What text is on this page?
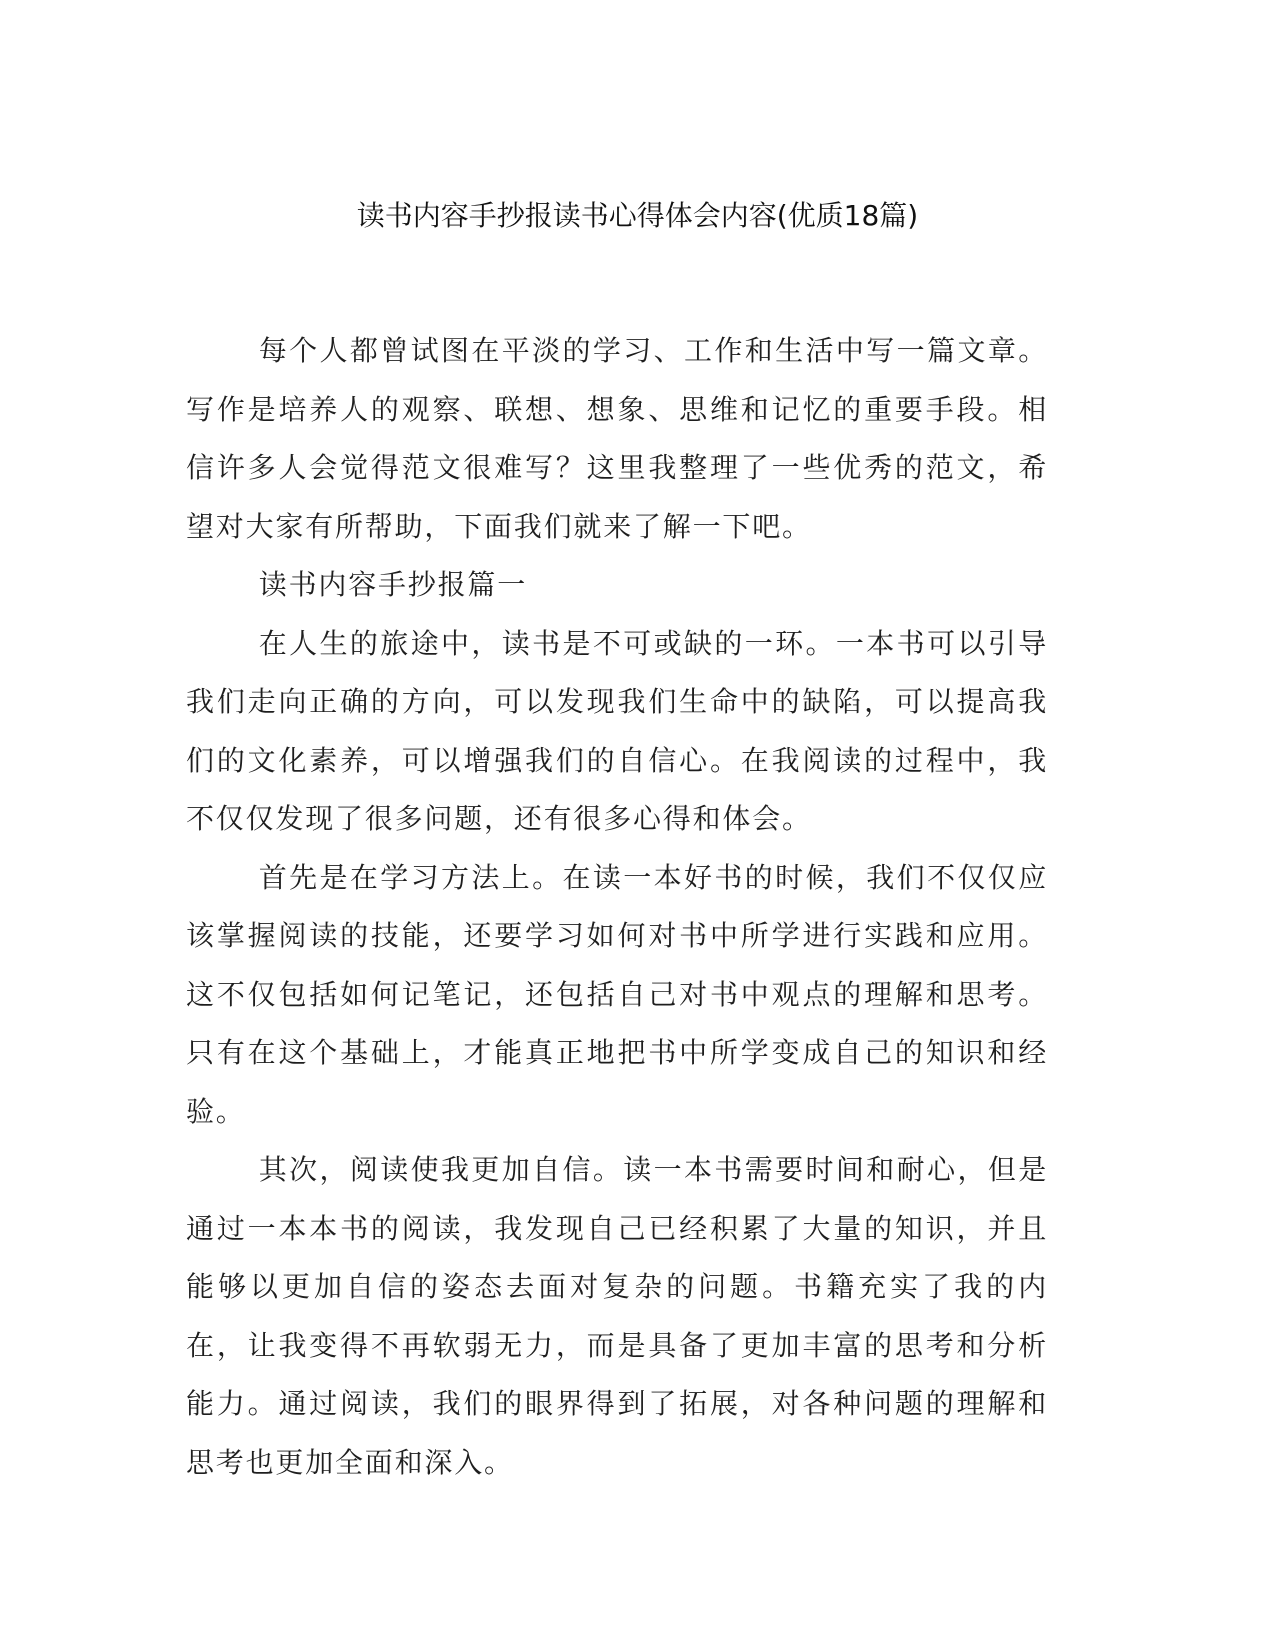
读书内容手抄报读书心得体会内容(优质18篇)

每个人都曾试图在平淡的学习、工作和生活中写一篇文章。写作是培养人的观察、联想、想象、思维和记忆的重要手段。相信许多人会觉得范文很难写？这里我整理了一些优秀的范文，希望对大家有所帮助，下面我们就来了解一下吧。

读书内容手抄报篇一

在人生的旅途中，读书是不可或缺的一环。一本书可以引导我们走向正确的方向，可以发现我们生命中的缺陷，可以提高我们的文化素养，可以增强我们的自信心。在我阅读的过程中，我不仅仅发现了很多问题，还有很多心得和体会。

首先是在学习方法上。在读一本好书的时候，我们不仅仅应该掌握阅读的技能，还要学习如何对书中所学进行实践和应用。这不仅包括如何记笔记，还包括自己对书中观点的理解和思考。只有在这个基础上，才能真正地把书中所学变成自己的知识和经验。

其次，阅读使我更加自信。读一本书需要时间和耐心，但是通过一本本书的阅读，我发现自己已经积累了大量的知识，并且能够以更加自信的姿态去面对复杂的问题。书籍充实了我的内在，让我变得不再软弱无力，而是具备了更加丰富的思考和分析能力。通过阅读，我们的眼界得到了拓展，对各种问题的理解和思考也更加全面和深入。
